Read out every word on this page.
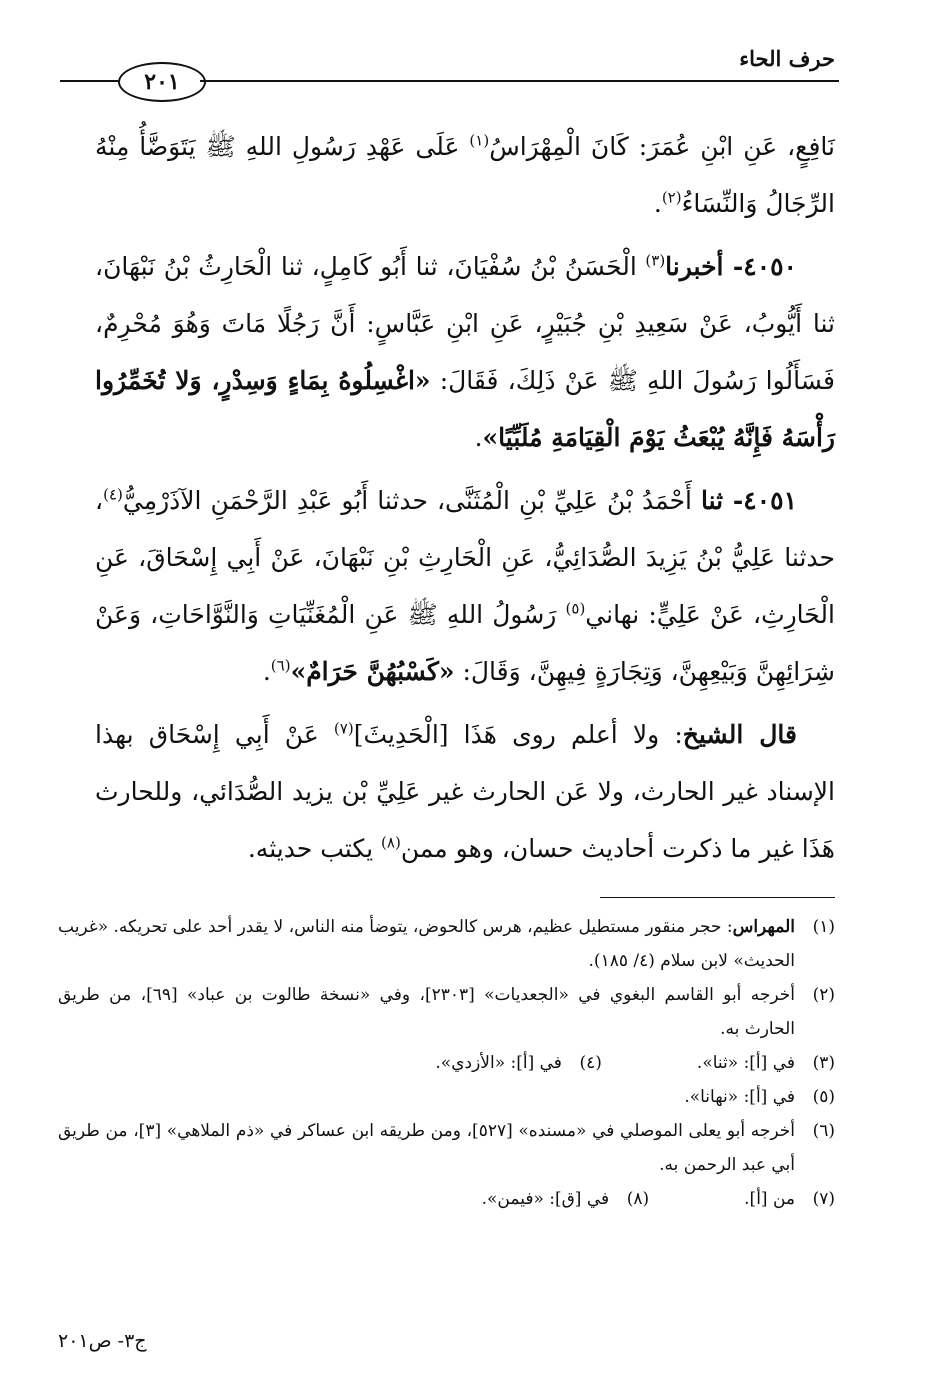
حرف الحاء
٢٠١

نَافِعٍ، عَنِ ابْنِ عُمَرَ: كَانَ الْمِهْرَاسُ$^{(١)}$ عَلَى عَهْدِ رَسُولِ اللهِ ﷺ يَتَوَضَّأُ مِنْهُ الرِّجَالُ وَالنِّسَاءُ$^{(٢)}$.

٤٠٥٠- أخبرنا$^{(٣)}$ الْحَسَنُ بْنُ سُفْيَانَ، ثنا أَبُو كَامِلٍ، ثنا الْحَارِثُ بْنُ نَبْهَانَ، ثنا أَيُّوبُ، عَنْ سَعِيدِ بْنِ جُبَيْرٍ، عَنِ ابْنِ عَبَّاسٍ: أَنَّ رَجُلًا مَاتَ وَهُوَ مُحْرِمٌ، فَسَأَلُوا رَسُولَ اللهِ ﷺ عَنْ ذَلِكَ، فَقَالَ: «اغْسِلُوهُ بِمَاءٍ وَسِدْرٍ، وَلا تُخَمِّرُوا رَأْسَهُ فَإِنَّهُ يُبْعَثُ يَوْمَ الْقِيَامَةِ مُلَبِّيًا».

٤٠٥١- ثنا أَحْمَدُ بْنُ عَلِيِّ بْنِ الْمُثَنَّى، حدثنا أَبُو عَبْدِ الرَّحْمَنِ الآذَرْمِيُّ$^{(٤)}$، حدثنا عَلِيُّ بْنُ يَزِيدَ الصُّدَائِيُّ، عَنِ الْحَارِثِ بْنِ نَبْهَانَ، عَنْ أَبِي إِسْحَاقَ، عَنِ الْحَارِثِ، عَنْ عَلِيٍّ: نهاني$^{(٥)}$ رَسُولُ اللهِ ﷺ عَنِ الْمُغَنِّيَاتِ وَالنَّوَّاحَاتِ، وَعَنْ شِرَائِهِنَّ وَبَيْعِهِنَّ، وَتِجَارَةٍ فِيهِنَّ، وَقَالَ: «كَسْبُهُنَّ حَرَامٌ»$^{(٦)}$.

قال الشيخ: ولا أعلم روى هَذَا [الْحَدِيثَ]$^{(٧)}$ عَنْ أَبِي إِسْحَاق بهذا الإسناد غير الحارث، ولا عَن الحارث غير عَلِيِّ بْن يزيد الصُّدَائي، وللحارث هَذَا غير ما ذكرت أحاديث حسان، وهو ممن$^{(٨)}$ يكتب حديثه.

(١)
المهراس: حجر منقور مستطيل عظيم، هرس كالحوض، يتوضأ منه الناس، لا يقدر أحد على تحريكه. «غريب الحديث» لابن سلام (٤/ ١٨٥).

(٢)
أخرجه أبو القاسم البغوي في «الجعديات» [٢٣٠٣]، وفي «نسخة طالوت بن عباد» [٦٩]، من طريق الحارث به.

(٣)
في [أ]: «ثنا».

(٤)
في [أ]: «الأزدي».

(٥)
في [أ]: «نهانا».

(٦)
أخرجه أبو يعلى الموصلي في «مسنده» [٥٢٧]، ومن طريقه ابن عساكر في «ذم الملاهي» [٣]، من طريق أبي عبد الرحمن به.

(٧)
من [أ].

(٨)
في [ق]: «فيمن».

ج٣- ص٢٠١
